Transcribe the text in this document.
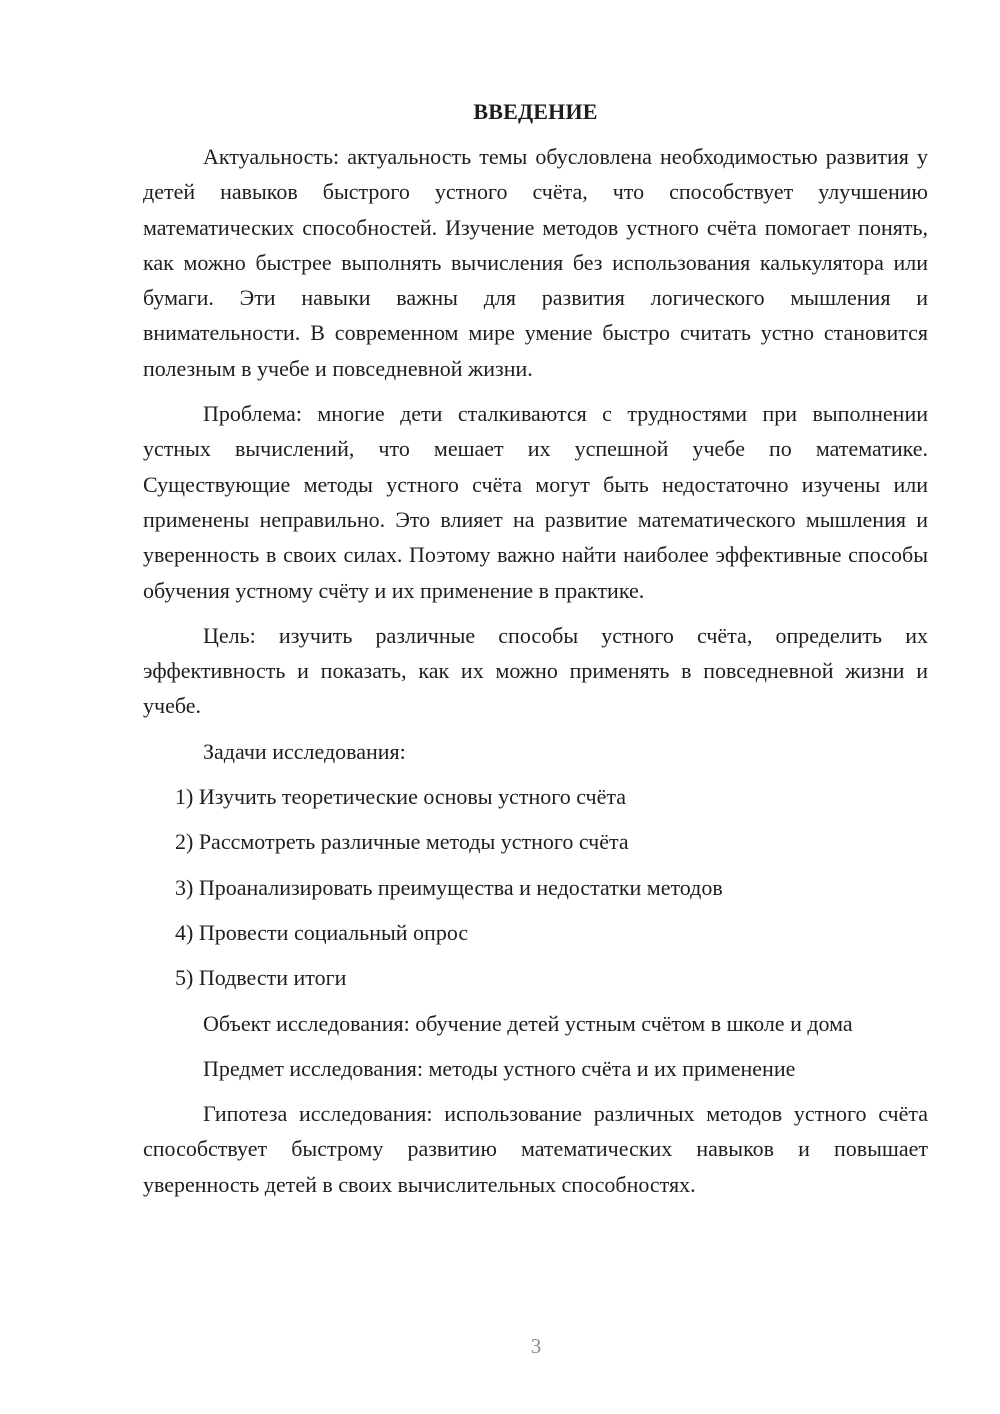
ВВЕДЕНИЕ

Актуальность: актуальность темы обусловлена необходимостью развития у детей навыков быстрого устного счёта, что способствует улучшению математических способностей. Изучение методов устного счёта помогает понять, как можно быстрее выполнять вычисления без использования калькулятора или бумаги. Эти навыки важны для развития логического мышления и внимательности. В современном мире умение быстро считать устно становится полезным в учебе и повседневной жизни.

Проблема: многие дети сталкиваются с трудностями при выполнении устных вычислений, что мешает их успешной учебе по математике. Существующие методы устного счёта могут быть недостаточно изучены или применены неправильно. Это влияет на развитие математического мышления и уверенность в своих силах. Поэтому важно найти наиболее эффективные способы обучения устному счёту и их применение в практике.

Цель: изучить различные способы устного счёта, определить их эффективность и показать, как их можно применять в повседневной жизни и учебе.

Задачи исследования:

1) Изучить теоретические основы устного счёта
2) Рассмотреть различные методы устного счёта
3) Проанализировать преимущества и недостатки методов
4) Провести социальный опрос
5) Подвести итоги

Объект исследования: обучение детей устным счётом в школе и дома

Предмет исследования: методы устного счёта и их применение

Гипотеза исследования: использование различных методов устного счёта способствует быстрому развитию математических навыков и повышает уверенность детей в своих вычислительных способностях.

3
